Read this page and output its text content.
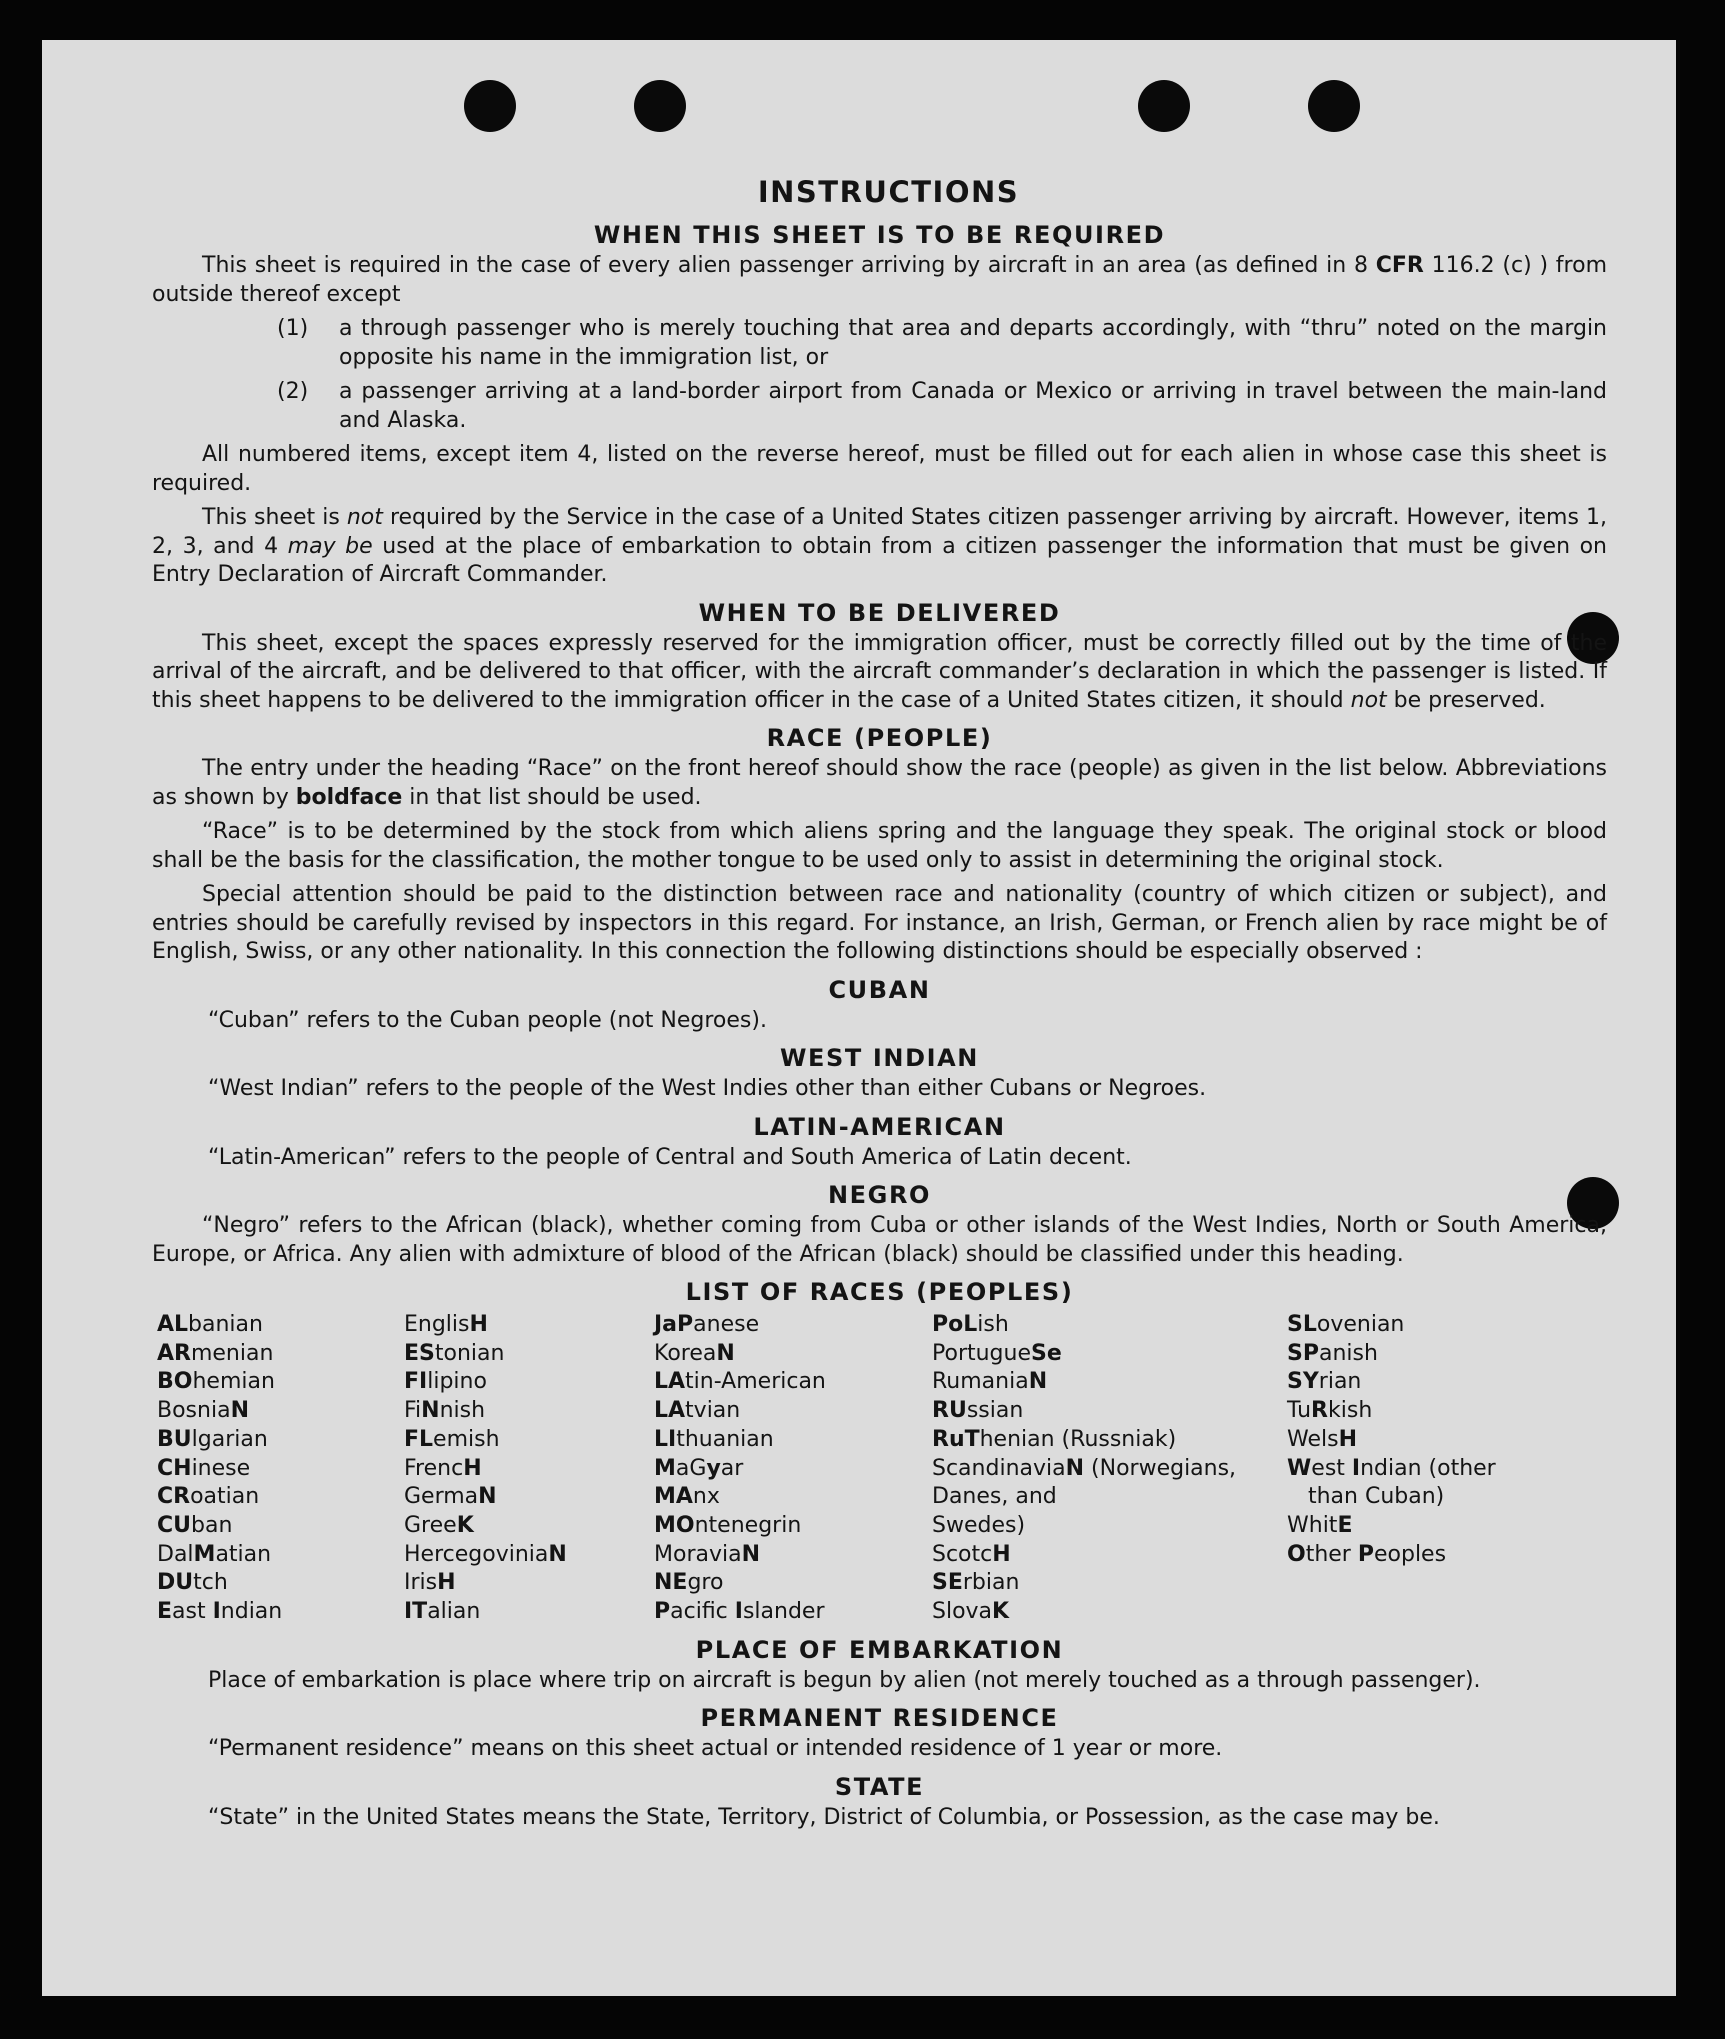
INSTRUCTIONS
WHEN THIS SHEET IS TO BE REQUIRED

This sheet is required in the case of every alien passenger arriving by aircraft in an area (as defined in 8 CFR 116.2 (c) ) from outside thereof except

(1)	a through passenger who is merely touching that area and departs accordingly, with “thru” noted on the margin opposite his name in the immigration list, or
(2)	a passenger arriving at a land-border airport from Canada or Mexico or arriving in travel between the main-land and Alaska.

All numbered items, except item 4, listed on the reverse hereof, must be filled out for each alien in whose case this sheet is required.

This sheet is not required by the Service in the case of a United States citizen passenger arriving by aircraft. However, items 1, 2, 3, and 4 may be used at the place of embarkation to obtain from a citizen passenger the information that must be given on Entry Declaration of Aircraft Commander.

WHEN TO BE DELIVERED

This sheet, except the spaces expressly reserved for the immigration officer, must be correctly filled out by the time of the arrival of the aircraft, and be delivered to that officer, with the aircraft commander’s declaration in which the passenger is listed. If this sheet happens to be delivered to the immigration officer in the case of a United States citizen, it should not be preserved.

RACE (PEOPLE)

The entry under the heading “Race” on the front hereof should show the race (people) as given in the list below. Abbreviations as shown by boldface in that list should be used.

“Race” is to be determined by the stock from which aliens spring and the language they speak. The original stock or blood shall be the basis for the classification, the mother tongue to be used only to assist in determining the original stock.

Special attention should be paid to the distinction between race and nationality (country of which citizen or subject), and entries should be carefully revised by inspectors in this regard. For instance, an Irish, German, or French alien by race might be of English, Swiss, or any other nationality. In this connection the following distinctions should be especially observed :

CUBAN
“Cuban” refers to the Cuban people (not Negroes).
WEST INDIAN
“West Indian” refers to the people of the West Indies other than either Cubans or Negroes.
LATIN-AMERICAN
“Latin-American” refers to the people of Central and South America of Latin decent.
NEGRO

“Negro” refers to the African (black), whether coming from Cuba or other islands of the West Indies, North or South America, Europe, or Africa. Any alien with admixture of blood of the African (black) should be classified under this heading.

LIST OF RACES (PEOPLES)
ALbanian
ARmenian
BOhemian
BosniaN
BUlgarian
CHinese
CRoatian
CUban
DalMatian
DUtch
East Indian
EnglisH
EStonian
FIlipino
FiNnish
FLemish
FrencH
GermaN
GreeK
HercegoviniaN
IrisH
ITalian
JaPanese
KoreaN
LAtin-American
LAtvian
LIthuanian
MaGyar
MAnx
MOntenegrin
MoraviaN
NEgro
Pacific Islander
PoLish
PortugueSe
RumaniaN
RUssian
RuThenian (Russniak)
ScandinaviaN (Norwegians,
Danes, and
Swedes)
ScotcH
SErbian
SlovaK
SLovenian
SPanish
SYrian
TuRkish
WelsH
West Indian (other
than Cuban)
WhitE
Other Peoples
PLACE OF EMBARKATION
Place of embarkation is place where trip on aircraft is begun by alien (not merely touched as a through passenger).
PERMANENT RESIDENCE
“Permanent residence” means on this sheet actual or intended residence of 1 year or more.
STATE
“State” in the United States means the State, Territory, District of Columbia, or Possession, as the case may be.
